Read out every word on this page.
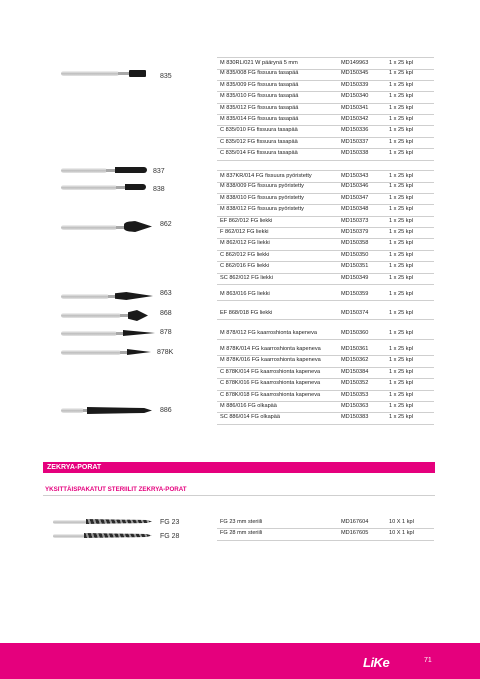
M 830RL/021 W päärynä 5 mm	MD149963	1 x 25 kpl
M 835/008 FG fissuura tasapää	MD150345	1 x 25 kpl
M 835/009 FG fissuura tasapää	MD150339	1 x 25 kpl
M 835/010 FG fissuura tasapää	MD150340	1 x 25 kpl
M 835/012 FG fissuura tasapää	MD150341	1 x 25 kpl
M 835/014 FG fissuura tasapää	MD150342	1 x 25 kpl
C 835/010 FG fissuura tasapää	MD150336	1 x 25 kpl
C 835/012 FG fissuura tasapää	MD150337	1 x 25 kpl
C 835/014 FG fissuura tasapää	MD150338	1 x 25 kpl
M 837KR/014 FG fissuura pyöristetty	MD150343	1 x 25 kpl
M 838/009 FG fissuura pyöristetty	MD150346	1 x 25 kpl
M 838/010 FG fissuura pyöristetty	MD150347	1 x 25 kpl
M 838/012 FG fissuura pyöristetty	MD150348	1 x 25 kpl
EF 862/012 FG liekki	MD150373	1 x 25 kpl
F 862/012 FG liekki	MD150379	1 x 25 kpl
M 862/012 FG liekki	MD150358	1 x 25 kpl
C 862/012 FG liekki	MD150350	1 x 25 kpl
C 862/016 FG liekki	MD150351	1 x 25 kpl
SC 862/012 FG liekki	MD150349	1 x 25 kpl
M 863/016 FG liekki	MD150359	1 x 25 kpl
EF 868/018 FG liekki	MD150374	1 x 25 kpl
M 878/012 FG kaarroshionta kapeneva	MD150360	1 x 25 kpl
M 878K/014 FG kaarroshionta kapeneva	MD150361	1 x 25 kpl
M 878K/016 FG kaarroshionta kapeneva	MD150362	1 x 25 kpl
C 878K/014 FG kaarroshionta kapeneva	MD150384	1 x 25 kpl
C 878K/016 FG kaarroshionta kapeneva	MD150352	1 x 25 kpl
C 878K/018 FG kaarroshionta kapeneva	MD150353	1 x 25 kpl
M 886/016 FG olkapää	MD150363	1 x 25 kpl
SC 886/014 FG olkapää	MD150383	1 x 25 kpl
835
837
838
862
863
868
878
878K
886
ZEKRYA-PORAT
YKSITTÄISPAKATUT STERIILIT ZEKRYA-PORAT
FG 23
FG 28
FG 23 mm steriili	MD167604	10 X 1 kpl
FG 28 mm steriili	MD167605	10 X 1 kpl
LiKe	71
